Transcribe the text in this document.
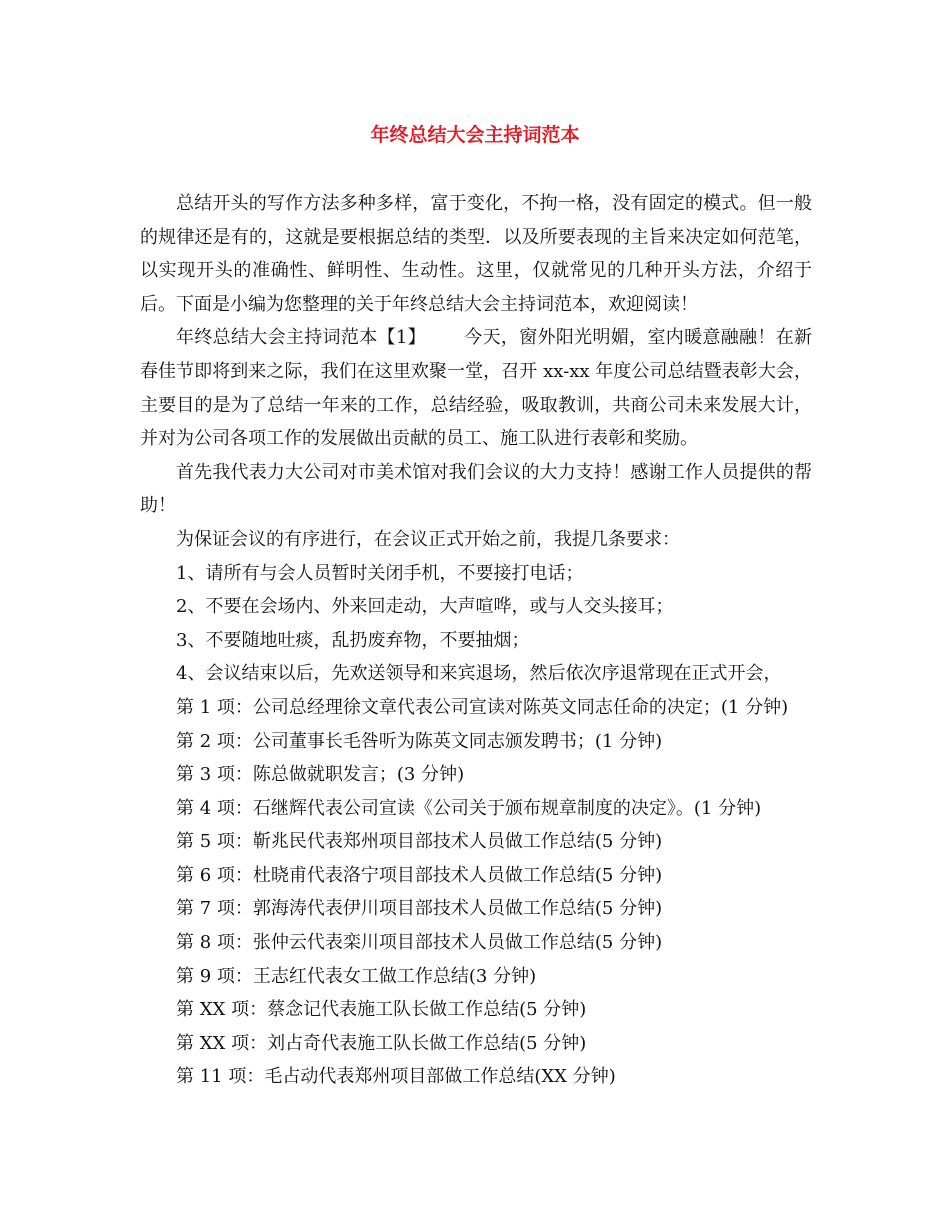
年终总结大会主持词范本

总结开头的写作方法多种多样，富于变化，不拘一格，没有固定的模式。但一般的规律还是有的，这就是要根据总结的类型．以及所要表现的主旨来决定如何范笔，以实现开头的准确性、鲜明性、生动性。这里，仅就常见的几种开头方法，介绍于后。下面是小编为您整理的关于年终总结大会主持词范本，欢迎阅读！

年终总结大会主持词范本【1】 今天，窗外阳光明媚，室内暖意融融！在新春佳节即将到来之际，我们在这里欢聚一堂，召开 xx-xx 年度公司总结暨表彰大会，主要目的是为了总结一年来的工作，总结经验，吸取教训，共商公司未来发展大计，并对为公司各项工作的发展做出贡献的员工、施工队进行表彰和奖励。

首先我代表力大公司对市美术馆对我们会议的大力支持！感谢工作人员提供的帮助！

为保证会议的有序进行，在会议正式开始之前，我提几条要求：

1、请所有与会人员暂时关闭手机，不要接打电话；

2、不要在会场内、外来回走动，大声喧哗，或与人交头接耳；

3、不要随地吐痰，乱扔废弃物，不要抽烟；

4、会议结束以后，先欢送领导和来宾退场，然后依次序退常现在正式开会，

第 1 项：公司总经理徐文章代表公司宣读对陈英文同志任命的决定；(1 分钟)

第 2 项：公司董事长毛咎听为陈英文同志颁发聘书；(1 分钟)

第 3 项：陈总做就职发言；(3 分钟)

第 4 项：石继辉代表公司宣读《公司关于颁布规章制度的决定》。(1 分钟)

第 5 项：靳兆民代表郑州项目部技术人员做工作总结(5 分钟)

第 6 项：杜晓甫代表洛宁项目部技术人员做工作总结(5 分钟)

第 7 项：郭海涛代表伊川项目部技术人员做工作总结(5 分钟)

第 8 项：张仲云代表栾川项目部技术人员做工作总结(5 分钟)

第 9 项：王志红代表女工做工作总结(3 分钟)

第 XX 项：蔡念记代表施工队长做工作总结(5 分钟)

第 XX 项：刘占奇代表施工队长做工作总结(5 分钟)

第 11 项：毛占动代表郑州项目部做工作总结(XX 分钟)
